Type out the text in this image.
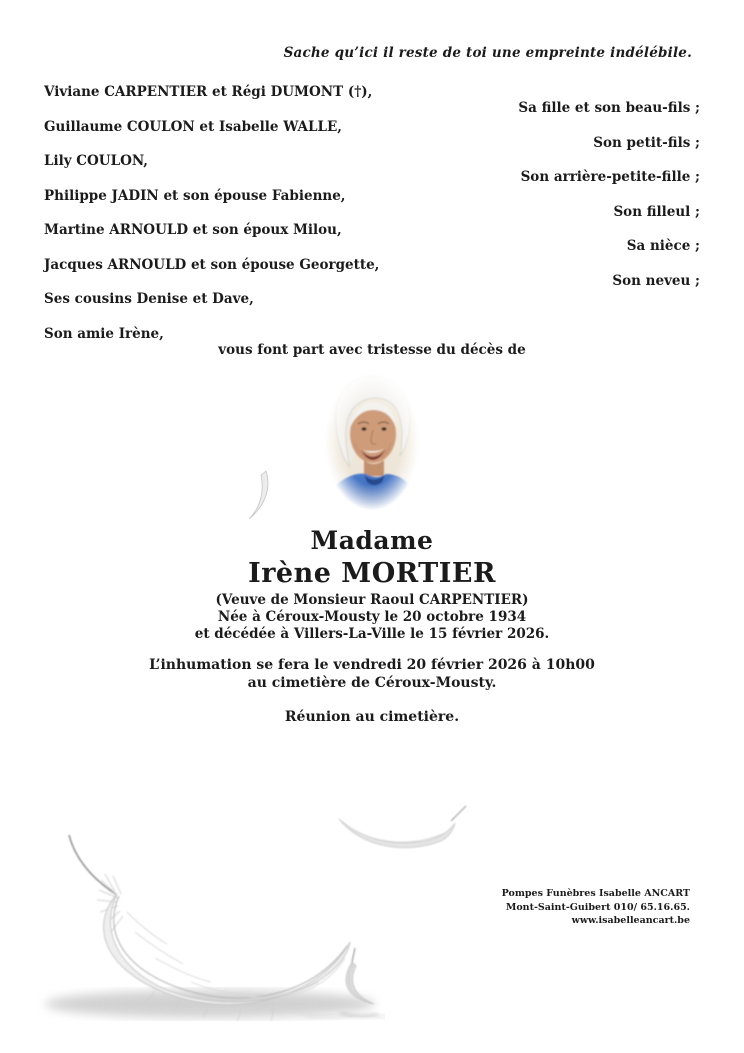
Sache qu’ici il reste de toi une empreinte indélébile.
Viviane CARPENTIER et Régi DUMONT (†),
Guillaume COULON et Isabelle WALLE,
Lily COULON,
Philippe JADIN et son épouse Fabienne,
Martine ARNOULD et son époux Milou,
Jacques ARNOULD et son épouse Georgette,
Ses cousins Denise et Dave,
Son amie Irène,
Sa fille et son beau-fils ;
Son petit-fils ;
Son arrière-petite-fille ;
Son filleul ;
Sa nièce ;
Son neveu ;
vous font part avec tristesse du décès de
Madame
Irène MORTIER
(Veuve de Monsieur Raoul CARPENTIER)
Née à Céroux-Mousty le 20 octobre 1934
et décédée à Villers-La-Ville le 15 février 2026.
L’inhumation se fera le vendredi 20 février 2026 à 10h00
au cimetière de Céroux-Mousty.
Réunion au cimetière.
Pompes Funèbres Isabelle ANCART
Mont-Saint-Guibert 010/ 65.16.65.
www.isabelleancart.be
